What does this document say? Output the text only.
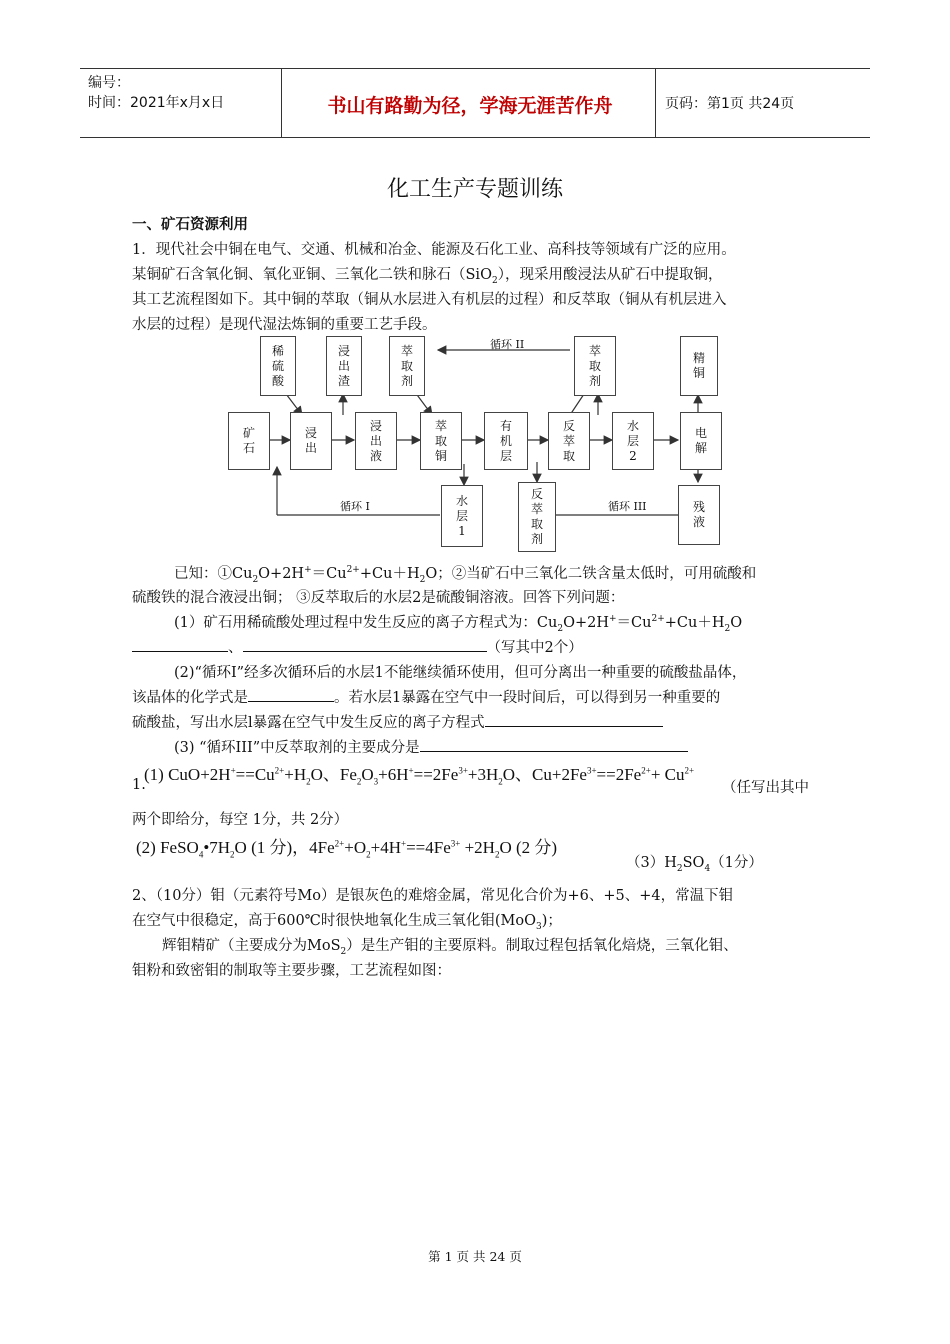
编号：
时间：2021年x月x日	书山有路勤为径，学海无涯苦作舟	页码：第1页 共24页
化工生产专题训练
一、矿石资源利用
1．现代社会中铜在电气、交通、机械和冶金、能源及石化工业、高科技等领域有广泛的应用。
某铜矿石含氧化铜、氧化亚铜、三氧化二铁和脉石（SiO$_2$），现采用酸浸法从矿石中提取铜，
其工艺流程图如下。其中铜的萃取（铜从水层进入有机层的过程）和反萃取（铜从有机层进入
水层的过程）是现代湿法炼铜的重要工艺手段。
稀硫酸
浸出渣
萃取剂
萃取剂
精铜
矿石
浸出
浸出液
萃取铜
有机层
反萃取
水层2
电解
水层1
反萃取剂
残液
循环 I
循环 II
循环 III
已知：$①Cu_2O+2H^+=Cu^{2+}+Cu+H_2O$；②当矿石中三氧化二铁含量太低时，可用硫酸和
硫酸铁的混合液浸出铜； ③反萃取后的水层2是硫酸铜溶液。回答下列问题：
(1）矿石用稀硫酸处理过程中发生反应的离子方程式为：$Cu_2O+2H^+=Cu^{2+}+Cu+H_2O$
、	（写其中2个）
(2)“循环I”经多次循环后的水层1不能继续循环使用，但可分离出一种重要的硫酸盐晶体，
该晶体的化学式是	。若水层1暴露在空气中一段时间后，可以得到另一种重要的
硫酸盐，写出水层l暴露在空气中发生反应的离子方程式
(3) “循环III”中反萃取剂的主要成分是
(1) $CuO+2H^+==Cu^{2+}+H_2O$、$Fe_2O_3+6H^+==2Fe^{3+}+3H_2O$、$Cu+2Fe^{3+}==2Fe^{2+}+ Cu^{2+}$
1.	（任写出其中
两个即给分，每空 1分，共 2分）
(2) $FeSO_4•7H_2O$ (1 分)，$4Fe^{2+}+O_2+4H^+==4Fe^{3+} +2H_2O$ (2 分)
$(3)H_2SO_4(1$分）
2、（10分）钼（元素符号Mo）是银灰色的难熔金属，常见化合价为+6、+5、+4，常温下钼
在空气中很稳定，高于600℃时很快地氧化生成三氧化钼(MoO$_3$)；
辉钼精矿（主要成分为MoS$_2$）是生产钼的主要原料。制取过程包括氧化焙烧，三氧化钼、
钼粉和致密钼的制取等主要步骤，工艺流程如图：
第 1 页 共 24 页
